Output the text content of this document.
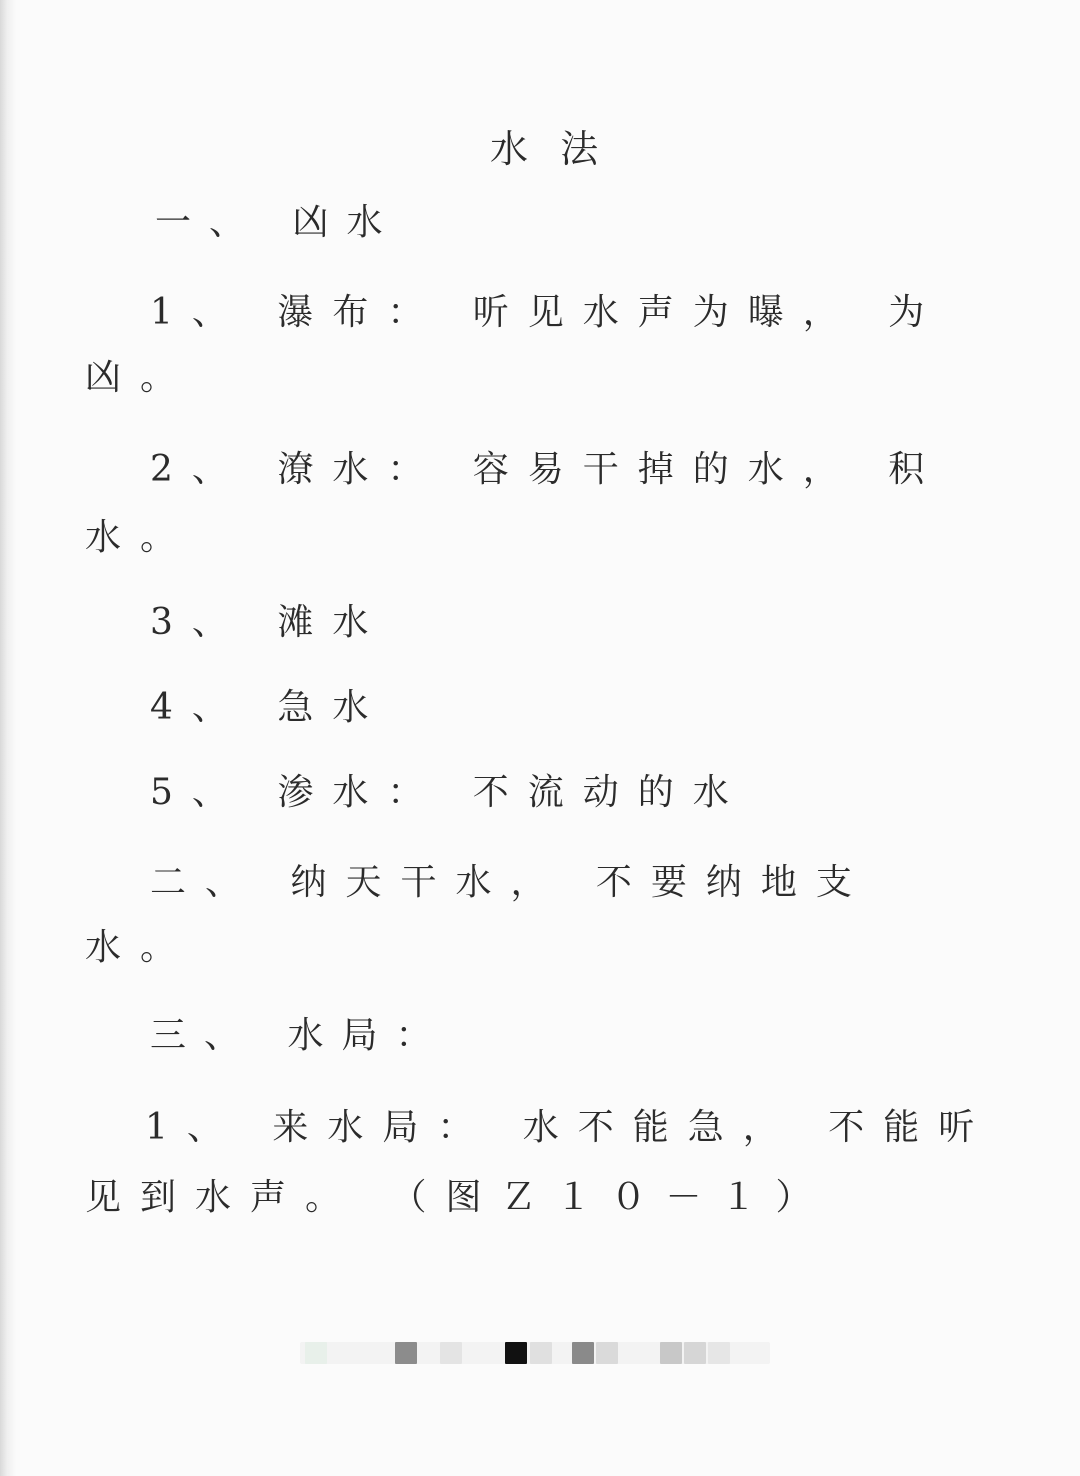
水 法
一、 凶水
1、 瀑布： 听见水声为曝， 为
凶。
2、 潦水： 容易干掉的水， 积
水。
3、 滩水
4、 急水
5、 渗水： 不流动的水
二、 纳天干水， 不要纳地支
水。
三、 水局：
1、 来水局： 水不能急， 不能听
见到水声。 （图Ｚ１０－１）
